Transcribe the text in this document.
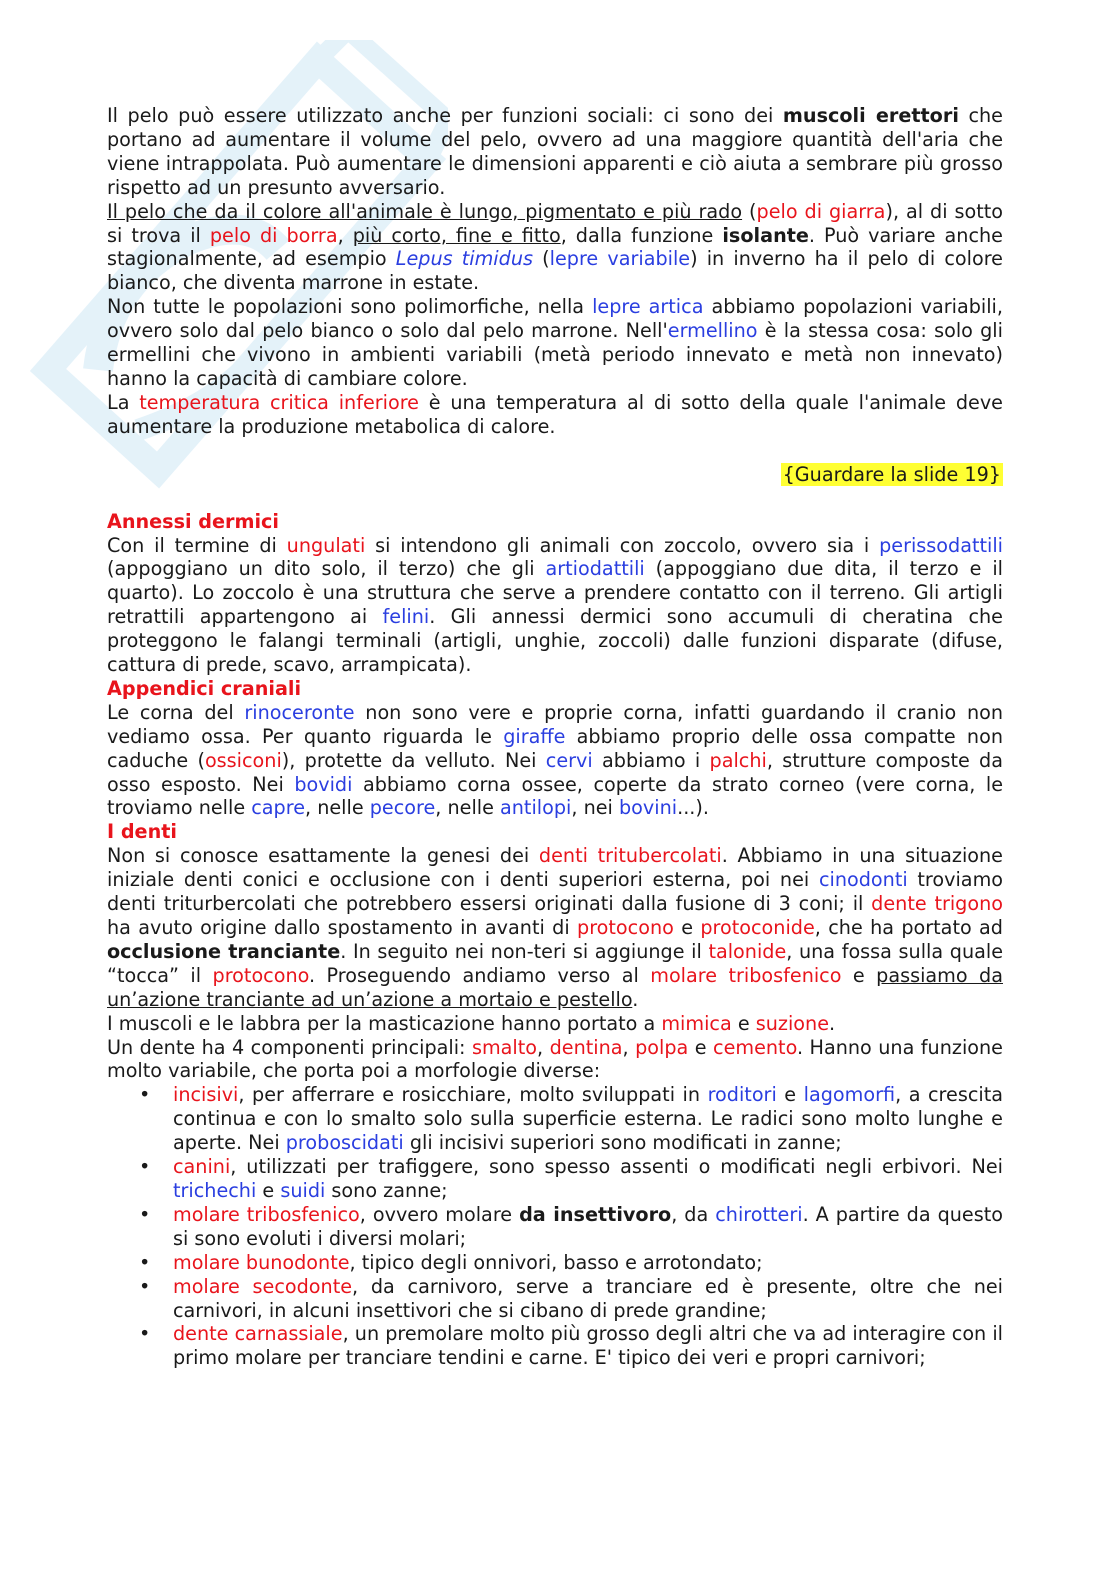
Il pelo può essere utilizzato anche per funzioni sociali: ci sono dei muscoli erettori che portano ad aumentare il volume del pelo, ovvero ad una maggiore quantità dell'aria che viene intrappolata. Può aumentare le dimensioni apparenti e ciò aiuta a sembrare più grosso rispetto ad un presunto avversario.

Il pelo che da il colore all'animale è lungo, pigmentato e più rado (pelo di giarra), al di sotto si trova il pelo di borra, più corto, fine e fitto, dalla funzione isolante. Può variare anche stagionalmente, ad esempio Lepus timidus (lepre variabile) in inverno ha il pelo di colore bianco, che diventa marrone in estate.

Non tutte le popolazioni sono polimorfiche, nella lepre artica abbiamo popolazioni variabili, ovvero solo dal pelo bianco o solo dal pelo marrone. Nell'ermellino è la stessa cosa: solo gli ermellini che vivono in ambienti variabili (metà periodo innevato e metà non innevato) hanno la capacità di cambiare colore.

La temperatura critica inferiore è una temperatura al di sotto della quale l'animale deve aumentare la produzione metabolica di calore.

{Guardare la slide 19}
Annessi dermici

Con il termine di ungulati si intendono gli animali con zoccolo, ovvero sia i perissodattili (appoggiano un dito solo, il terzo) che gli artiodattili (appoggiano due dita, il terzo e il quarto). Lo zoccolo è una struttura che serve a prendere contatto con il terreno. Gli artigli retrattili appartengono ai felini. Gli annessi dermici sono accumuli di cheratina che proteggono le falangi terminali (artigli, unghie, zoccoli) dalle funzioni disparate (difuse, cattura di prede, scavo, arrampicata).

Appendici craniali

Le corna del rinoceronte non sono vere e proprie corna, infatti guardando il cranio non vediamo ossa. Per quanto riguarda le giraffe abbiamo proprio delle ossa compatte non caduche (ossiconi), protette da velluto. Nei cervi abbiamo i palchi, strutture composte da osso esposto. Nei bovidi abbiamo corna ossee, coperte da strato corneo (vere corna, le troviamo nelle capre, nelle pecore, nelle antilopi, nei bovini...).

I denti

Non si conosce esattamente la genesi dei denti tritubercolati. Abbiamo in una situazione iniziale denti conici e occlusione con i denti superiori esterna, poi nei cinodonti troviamo denti triturbercolati che potrebbero essersi originati dalla fusione di 3 coni; il dente trigono ha avuto origine dallo spostamento in avanti di protocono e protoconide, che ha portato ad occlusione tranciante. In seguito nei non-teri si aggiunge il talonide, una fossa sulla quale “tocca” il protocono. Proseguendo andiamo verso al molare tribosfenico e passiamo da un’azione tranciante ad un’azione a mortaio e pestello.

I muscoli e le labbra per la masticazione hanno portato a mimica e suzione.

Un dente ha 4 componenti principali: smalto, dentina, polpa e cemento. Hanno una funzione molto variabile, che porta poi a morfologie diverse:

• incisivi, per afferrare e rosicchiare, molto sviluppati in roditori e lagomorfi, a crescita continua e con lo smalto solo sulla superficie esterna. Le radici sono molto lunghe e aperte. Nei proboscidati gli incisivi superiori sono modificati in zanne;
• canini, utilizzati per trafiggere, sono spesso assenti o modificati negli erbivori. Nei trichechi e suidi sono zanne;
• molare tribosfenico, ovvero molare da insettivoro, da chirotteri. A partire da questo si sono evoluti i diversi molari;
• molare bunodonte, tipico degli onnivori, basso e arrotondato;
• molare secodonte, da carnivoro, serve a tranciare ed è presente, oltre che nei carnivori, in alcuni insettivori che si cibano di prede grandine;
• dente carnassiale, un premolare molto più grosso degli altri che va ad interagire con il primo molare per tranciare tendini e carne. E' tipico dei veri e propri carnivori;
